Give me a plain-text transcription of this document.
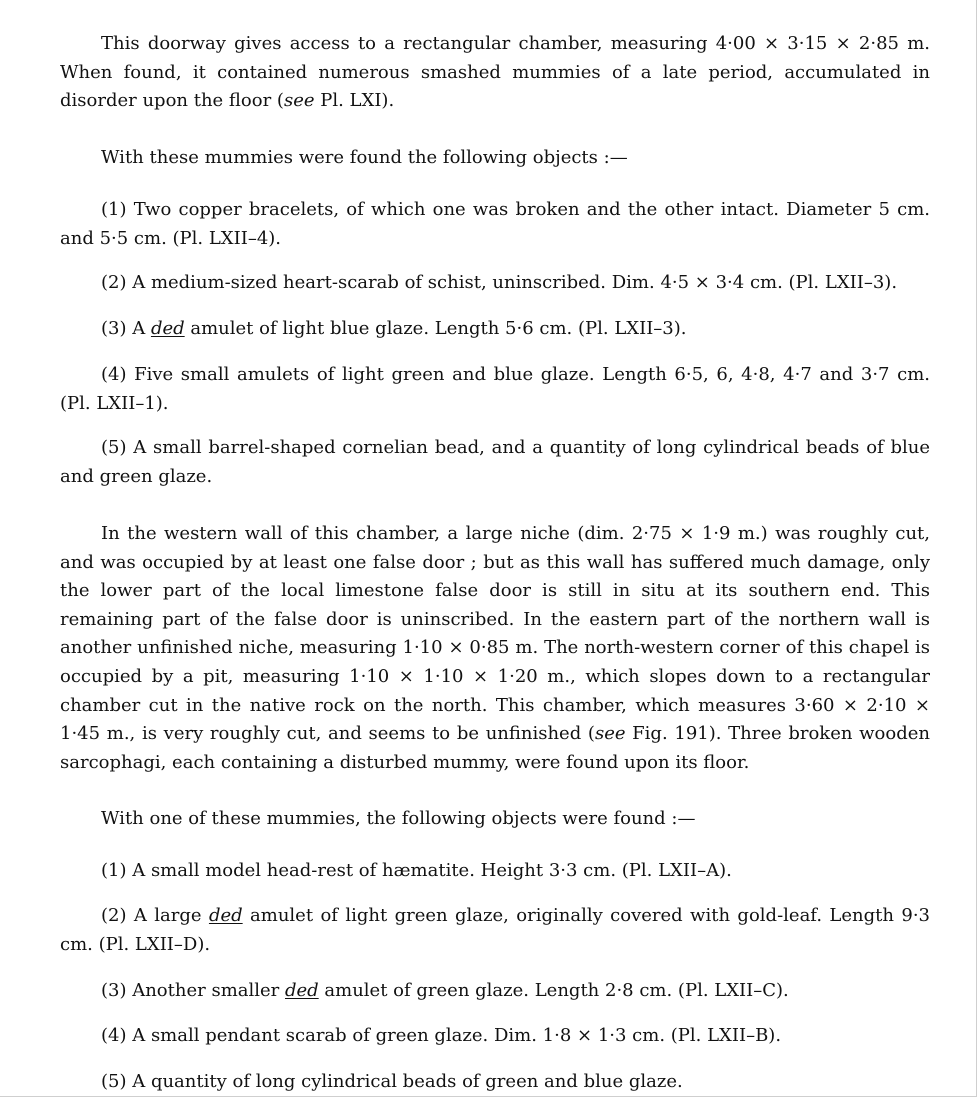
This doorway gives access to a rectangular chamber, measuring 4·00 × 3·15 × 2·85 m. When found, it contained numerous smashed mummies of a late period, accumulated in disorder upon the floor (see Pl. LXI).

With these mummies were found the following objects :—

(1) Two copper bracelets, of which one was broken and the other intact. Diameter 5 cm. and 5·5 cm. (Pl. LXII–4).

(2) A medium-sized heart-scarab of schist, uninscribed. Dim. 4·5 × 3·4 cm. (Pl. LXII–3).

(3) A ded amulet of light blue glaze. Length 5·6 cm. (Pl. LXII–3).

(4) Five small amulets of light green and blue glaze. Length 6·5, 6, 4·8, 4·7 and 3·7 cm. (Pl. LXII–1).

(5) A small barrel-shaped cornelian bead, and a quantity of long cylindrical beads of blue and green glaze.

In the western wall of this chamber, a large niche (dim. 2·75 × 1·9 m.) was roughly cut, and was occupied by at least one false door ; but as this wall has suffered much damage, only the lower part of the local limestone false door is still in situ at its southern end. This remaining part of the false door is uninscribed. In the eastern part of the northern wall is another unfinished niche, measuring 1·10 × 0·85 m. The north-western corner of this chapel is occupied by a pit, measuring 1·10 × 1·10 × 1·20 m., which slopes down to a rectangular chamber cut in the native rock on the north. This chamber, which measures 3·60 × 2·10 × 1·45 m., is very roughly cut, and seems to be unfinished (see Fig. 191). Three broken wooden sarcophagi, each containing a disturbed mummy, were found upon its floor.

With one of these mummies, the following objects were found :—

(1) A small model head-rest of hæmatite. Height 3·3 cm. (Pl. LXII–A).

(2) A large ded amulet of light green glaze, originally covered with gold-leaf. Length 9·3 cm. (Pl. LXII–D).

(3) Another smaller ded amulet of green glaze. Length 2·8 cm. (Pl. LXII–C).

(4) A small pendant scarab of green glaze. Dim. 1·8 × 1·3 cm. (Pl. LXII–B).

(5) A quantity of long cylindrical beads of green and blue glaze.
